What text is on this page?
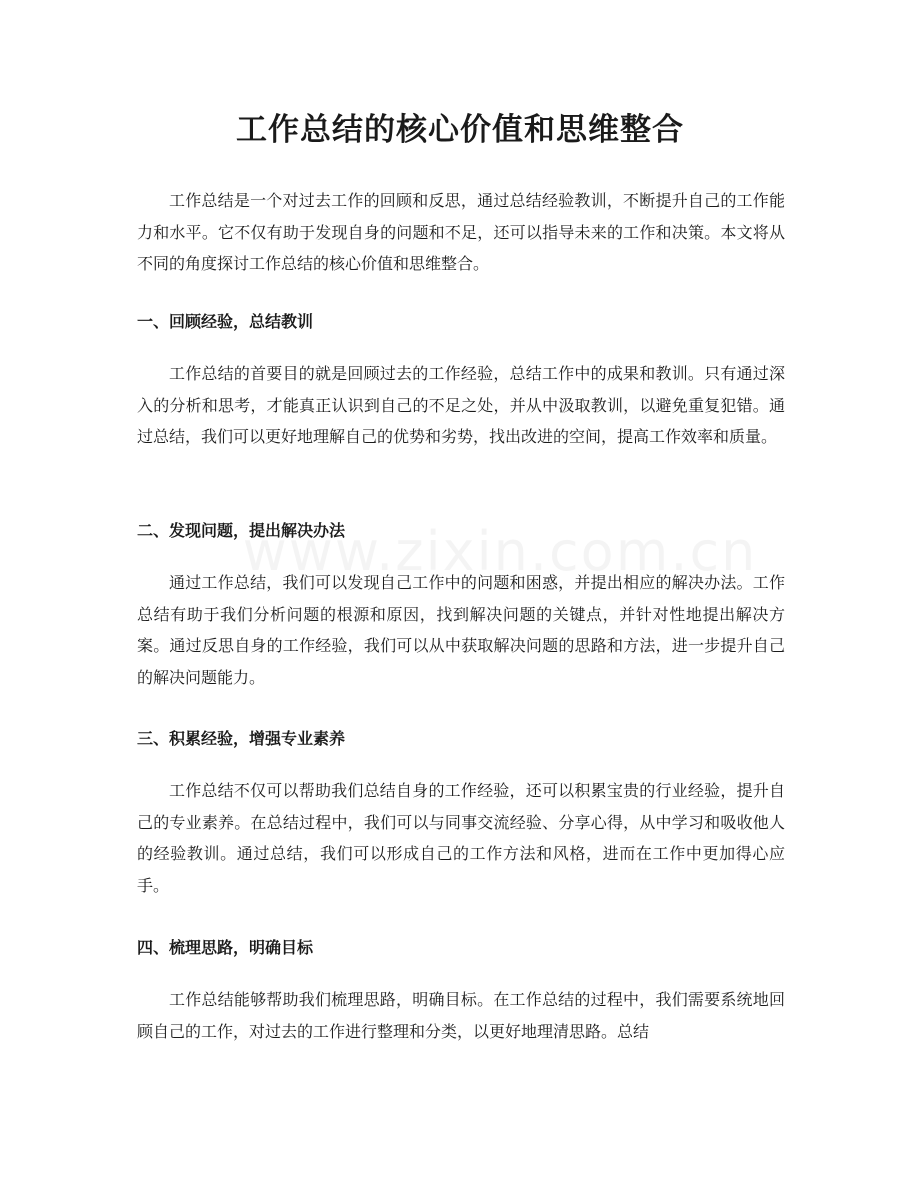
工作总结的核心价值和思维整合

工作总结是一个对过去工作的回顾和反思，通过总结经验教训，不断提升自己的工作能力和水平。它不仅有助于发现自身的问题和不足，还可以指导未来的工作和决策。本文将从不同的角度探讨工作总结的核心价值和思维整合。

一、回顾经验，总结教训

工作总结的首要目的就是回顾过去的工作经验，总结工作中的成果和教训。只有通过深入的分析和思考，才能真正认识到自己的不足之处，并从中汲取教训，以避免重复犯错。通过总结，我们可以更好地理解自己的优势和劣势，找出改进的空间，提高工作效率和质量。

二、发现问题，提出解决办法

通过工作总结，我们可以发现自己工作中的问题和困惑，并提出相应的解决办法。工作总结有助于我们分析问题的根源和原因，找到解决问题的关键点，并针对性地提出解决方案。通过反思自身的工作经验，我们可以从中获取解决问题的思路和方法，进一步提升自己的解决问题能力。

三、积累经验，增强专业素养

工作总结不仅可以帮助我们总结自身的工作经验，还可以积累宝贵的行业经验，提升自己的专业素养。在总结过程中，我们可以与同事交流经验、分享心得，从中学习和吸收他人的经验教训。通过总结，我们可以形成自己的工作方法和风格，进而在工作中更加得心应手。

四、梳理思路，明确目标

工作总结能够帮助我们梳理思路，明确目标。在工作总结的过程中，我们需要系统地回顾自己的工作，对过去的工作进行整理和分类，以更好地理清思路。总结
